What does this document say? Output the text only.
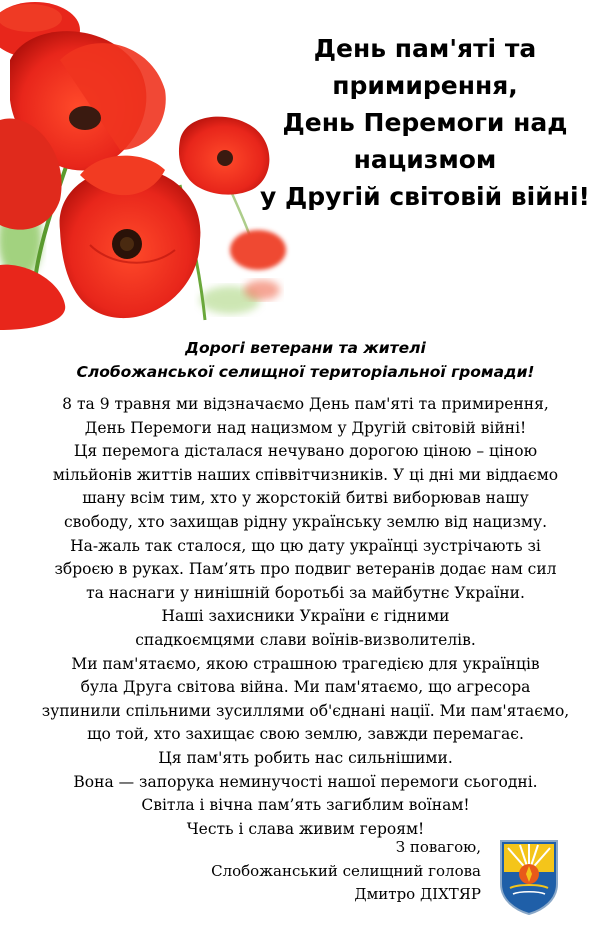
День пам'яті та
примирення,
День Перемоги над
нацизмом
у Другій світовій війні!
Дорогі ветерани та жителі
Слобожанської селищної територіальної громади!
8 та 9 травня ми відзначаємо День пам'яті та примирення,
День Перемоги над нацизмом у Другій світовій війні!
Ця перемога дісталася нечувано дорогою ціною – ціною
мільйонів життів наших співвітчизників. У ці дні ми віддаємо
шану всім тим, хто у жорстокій битві виборював нашу
свободу, хто захищав рідну українську землю від нацизму.
На-жаль так сталося, що цю дату українці зустрічають зі
зброєю в руках. Пам’ять про подвиг ветеранів додає нам сил
та наснаги у нинішній боротьбі за майбутнє України.
Наші захисники України є гідними
спадкоємцями слави воїнів-визволителів.
Ми пам'ятаємо, якою страшною трагедією для українців
була Друга світова війна. Ми пам'ятаємо, що агресора
зупинили спільними зусиллями об'єднані нації. Ми пам'ятаємо,
що той, хто захищає свою землю, завжди перемагає.
Ця пам'ять робить нас сильнішими.
Вона — запорука неминучості нашої перемоги сьогодні.
Світла і вічна пам’ять загиблим воїнам!
Честь і слава живим героям!
З повагою,
Слобожанський селищний голова
Дмитро ДІХТЯР
